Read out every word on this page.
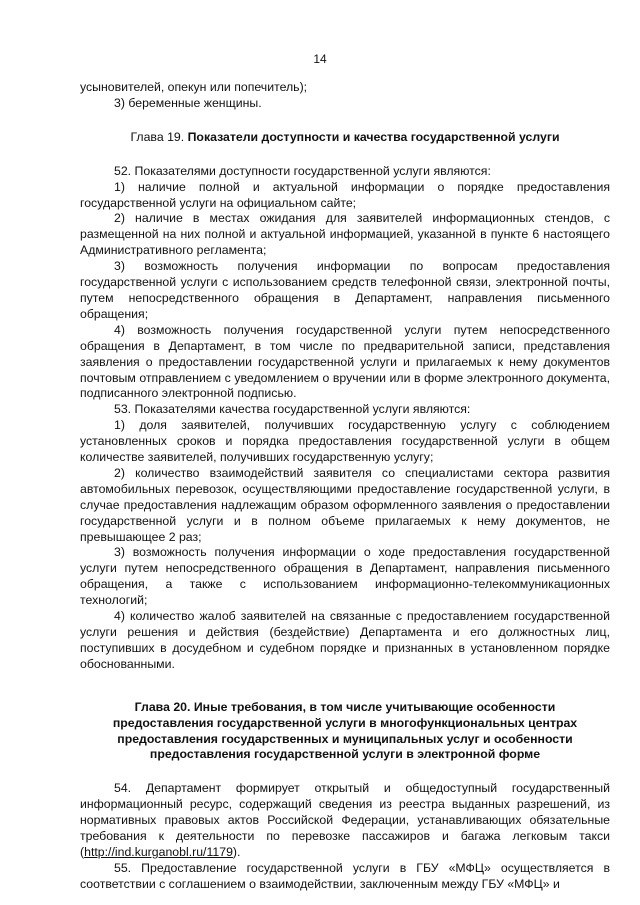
14

усыновителей, опекун или попечитель);

3) беременные женщины.

Глава 19. Показатели доступности и качества государственной услуги

52. Показателями доступности государственной услуги являются:

1) наличие полной и актуальной информации о порядке предоставления государственной услуги на официальном сайте;

2) наличие в местах ожидания для заявителей информационных стендов, с размещенной на них полной и актуальной информацией, указанной в пункте 6 настоящего Административного регламента;

3) возможность получения информации по вопросам предоставления государственной услуги с использованием средств телефонной связи, электронной почты, путем непосредственного обращения в Департамент, направления письменного обращения;

4) возможность получения государственной услуги путем непосредственного обращения в Департамент, в том числе по предварительной записи, представления заявления о предоставлении государственной услуги и прилагаемых к нему документов почтовым отправлением с уведомлением о вручении или в форме электронного документа, подписанного электронной подписью.

53. Показателями качества государственной услуги являются:

1) доля заявителей, получивших государственную услугу с соблюдением установленных сроков и порядка предоставления государственной услуги в общем количестве заявителей, получивших государственную услугу;

2) количество взаимодействий заявителя со специалистами сектора развития автомобильных перевозок, осуществляющими предоставление государственной услуги, в случае предоставления надлежащим образом оформленного заявления о предоставлении государственной услуги и в полном объеме прилагаемых к нему документов, не превышающее 2 раз;

3) возможность получения информации о ходе предоставления государственной услуги путем непосредственного обращения в Департамент, направления письменного обращения, а также с использованием информационно-телекоммуникационных технологий;

4) количество жалоб заявителей на связанные с предоставлением государственной услуги решения и действия (бездействие) Департамента и его должностных лиц, поступивших в досудебном и судебном порядке и признанных в установленном порядке обоснованными.

Глава 20. Иные требования, в том числе учитывающие особенности
предоставления государственной услуги в многофункциональных центрах
предоставления государственных и муниципальных услуг и особенности
предоставления государственной услуги в электронной форме

54. Департамент формирует открытый и общедоступный государственный информационный ресурс, содержащий сведения из реестра выданных разрешений, из нормативных правовых актов Российской Федерации, устанавливающих обязательные требования к деятельности по перевозке пассажиров и багажа легковым такси (http://ind.kurganobl.ru/1179).

55. Предоставление государственной услуги в ГБУ «МФЦ» осуществляется в соответствии с соглашением о взаимодействии, заключенным между ГБУ «МФЦ» и
